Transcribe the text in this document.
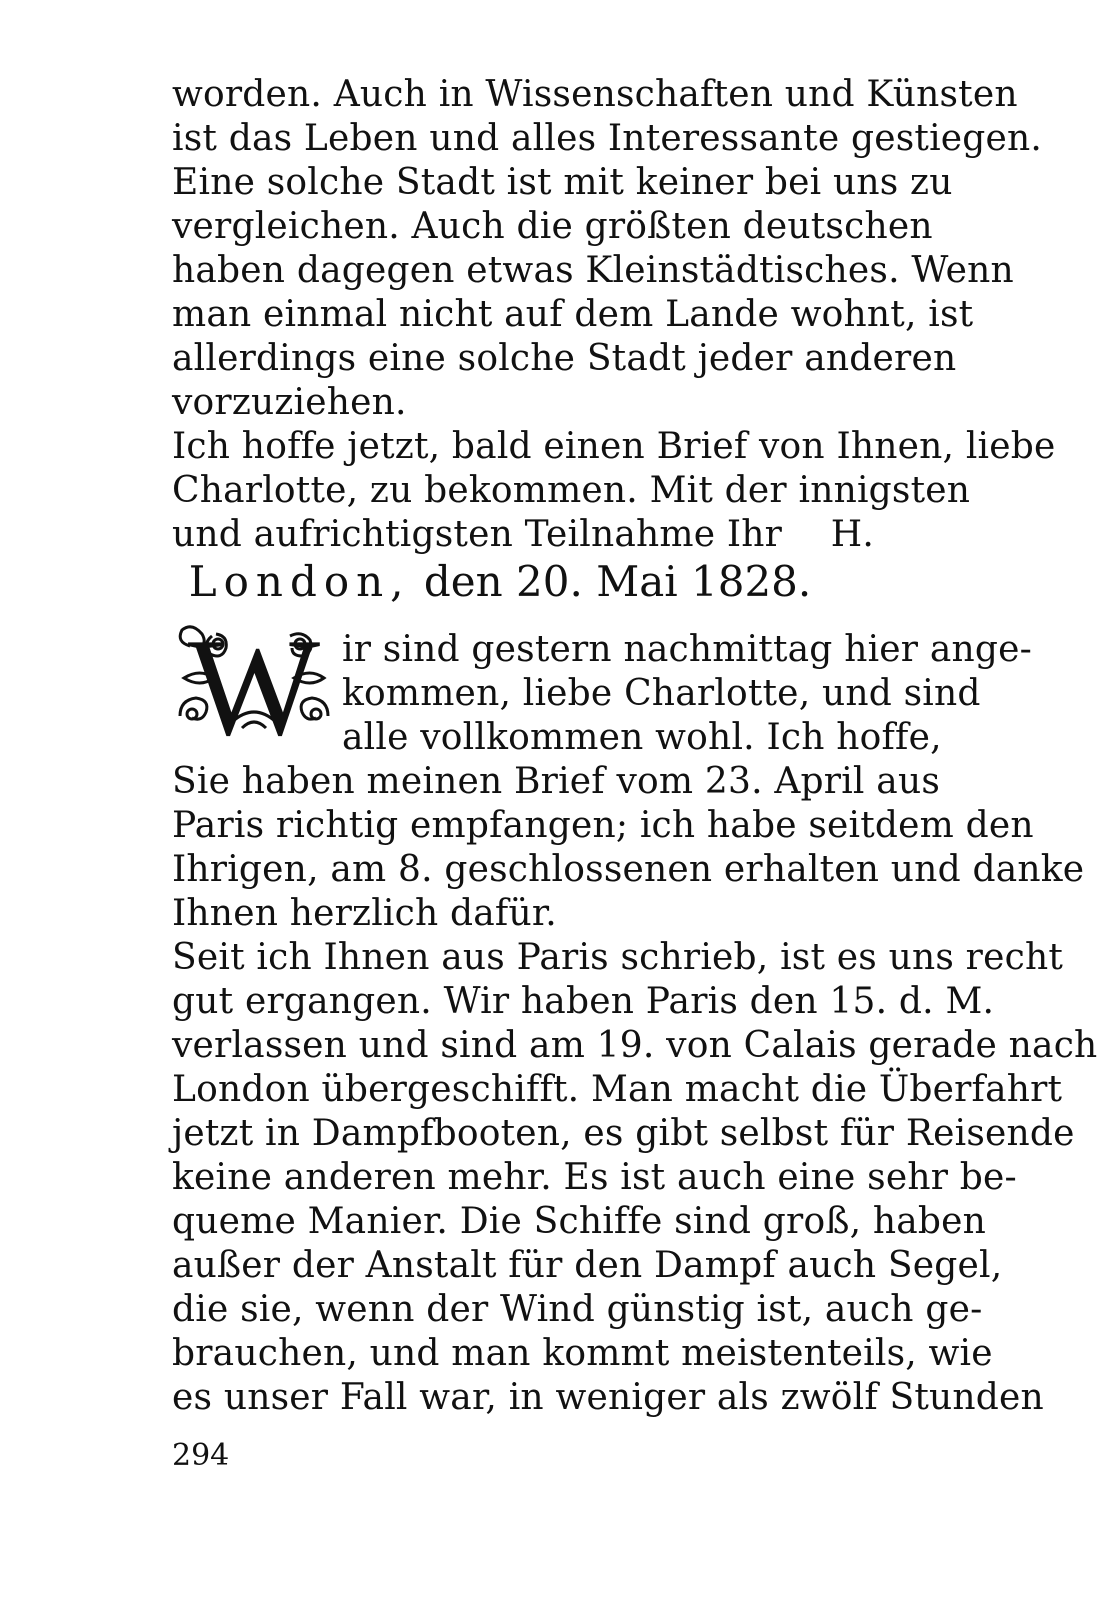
worden. Auch in Wissenschaften und Künsten
ist das Leben und alles Interessante gestiegen.
Eine solche Stadt ist mit keiner bei uns zu
vergleichen. Auch die größten deutschen
haben dagegen etwas Kleinstädtisches. Wenn
man einmal nicht auf dem Lande wohnt, ist
allerdings eine solche Stadt jeder anderen
vorzuziehen.
Ich hoffe jetzt, bald einen Brief von Ihnen, liebe
Charlotte, zu bekommen. Mit der innigsten
und aufrichtigsten Teilnahme Ihr H.
London, den 20. Mai 1828.
W ir sind gestern nachmittag hier ange-
kommen, liebe Charlotte, und sind
alle vollkommen wohl. Ich hoffe,
Sie haben meinen Brief vom 23. April aus
Paris richtig empfangen; ich habe seitdem den
Ihrigen, am 8. geschlossenen erhalten und danke
Ihnen herzlich dafür.
Seit ich Ihnen aus Paris schrieb, ist es uns recht
gut ergangen. Wir haben Paris den 15. d. M.
verlassen und sind am 19. von Calais gerade nach
London übergeschifft. Man macht die Überfahrt
jetzt in Dampfbooten, es gibt selbst für Reisende
keine anderen mehr. Es ist auch eine sehr be-
queme Manier. Die Schiffe sind groß, haben
außer der Anstalt für den Dampf auch Segel,
die sie, wenn der Wind günstig ist, auch ge-
brauchen, und man kommt meistenteils, wie
es unser Fall war, in weniger als zwölf Stunden
294
